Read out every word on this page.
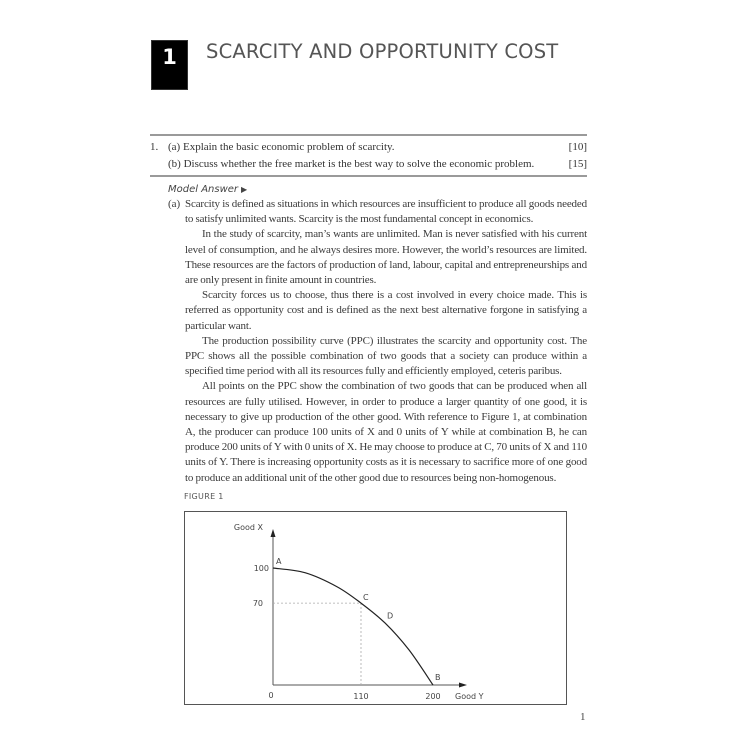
1	SCARCITY AND OPPORTUNITY COST
1. (a) Explain the basic economic problem of scarcity.	[10]
(b) Discuss whether the free market is the best way to solve the economic problem.	[15]
Model Answer ▶
(a) Scarcity is defined as situations in which resources are insufficient to produce all goods needed to satisfy unlimited wants. Scarcity is the most fundamental concept in economics.

In the study of scarcity, man’s wants are unlimited. Man is never satisfied with his current level of consumption, and he always desires more. However, the world’s resources are limited. These resources are the factors of production of land, labour, capital and entrepreneurships and are only present in finite amount in countries.

Scarcity forces us to choose, thus there is a cost involved in every choice made. This is referred as opportunity cost and is defined as the next best alternative forgone in satisfying a particular want.

The production possibility curve (PPC) illustrates the scarcity and opportunity cost. The PPC shows all the possible combination of two goods that a society can produce within a specified time period with all its resources fully and efficiently employed, ceteris paribus.

All points on the PPC show the combination of two goods that can be produced when all resources are fully utilised. However, in order to produce a larger quantity of one good, it is necessary to give up production of the other good. With reference to Figure 1, at combination A, the producer can produce 100 units of X and 0 units of Y while at combination B, he can produce 200 units of Y with 0 units of X. He may choose to produce at C, 70 units of X and 110 units of Y. There is increasing opportunity costs as it is necessary to sacrifice more of one good to produce an additional unit of the other good due to resources being non-homogenous.

FIGURE 1
A
C
D
B
100
70
0	110	200
Good X
Good Y
1
